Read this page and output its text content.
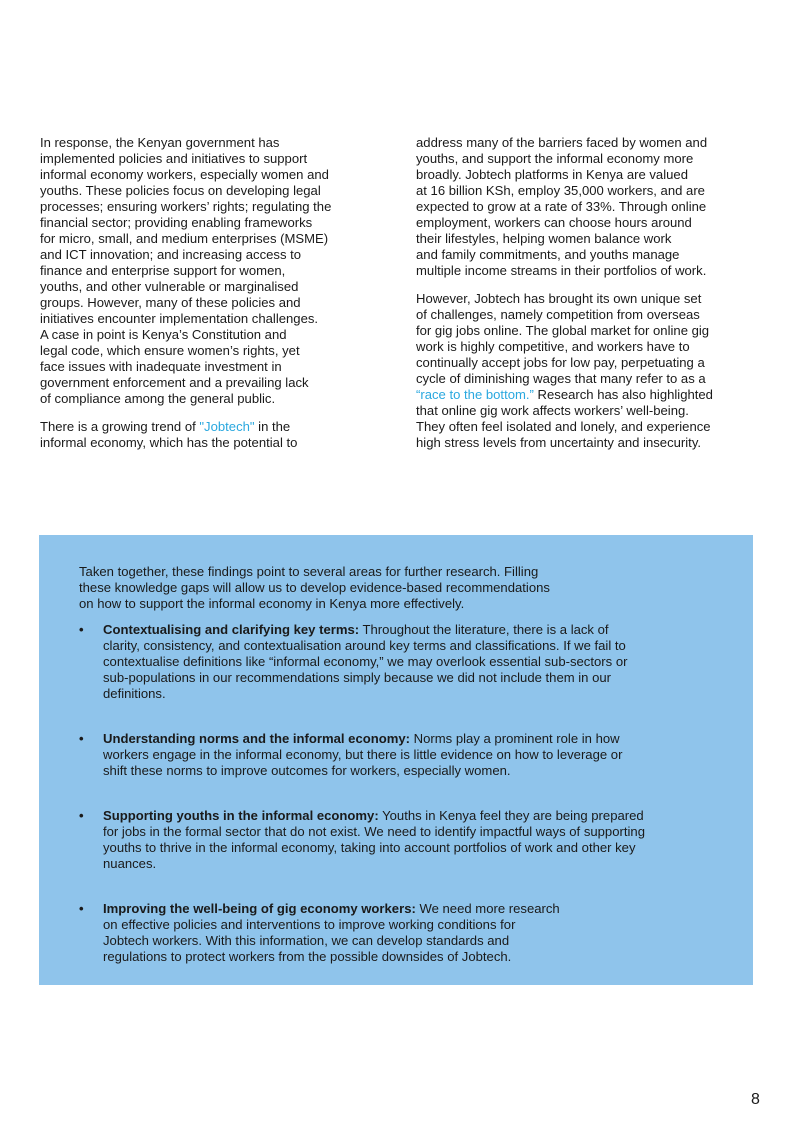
In response, the Kenyan government has
implemented policies and initiatives to support
informal economy workers, especially women and
youths. These policies focus on developing legal
processes; ensuring workers’ rights; regulating the
financial sector; providing enabling frameworks
for micro, small, and medium enterprises (MSME)
and ICT innovation; and increasing access to
finance and enterprise support for women,
youths, and other vulnerable or marginalised
groups. However, many of these policies and
initiatives encounter implementation challenges.
A case in point is Kenya’s Constitution and
legal code, which ensure women’s rights, yet
face issues with inadequate investment in
government enforcement and a prevailing lack
of compliance among the general public.

There is a growing trend of "Jobtech" in the
informal economy, which has the potential to

address many of the barriers faced by women and
youths, and support the informal economy more
broadly. Jobtech platforms in Kenya are valued
at 16 billion KSh, employ 35,000 workers, and are
expected to grow at a rate of 33%. Through online
employment, workers can choose hours around
their lifestyles, helping women balance work
and family commitments, and youths manage
multiple income streams in their portfolios of work.

However, Jobtech has brought its own unique set
of challenges, namely competition from overseas
for gig jobs online. The global market for online gig
work is highly competitive, and workers have to
continually accept jobs for low pay, perpetuating a
cycle of diminishing wages that many refer to as a
“race to the bottom.” Research has also highlighted
that online gig work affects workers’ well-being.
They often feel isolated and lonely, and experience
high stress levels from uncertainty and insecurity.

Taken together, these findings point to several areas for further research. Filling
these knowledge gaps will allow us to develop evidence-based recommendations
on how to support the informal economy in Kenya more effectively.
• Contextualising and clarifying key terms: Throughout the literature, there is a lack of
clarity, consistency, and contextualisation around key terms and classifications. If we fail to
contextualise definitions like “informal economy,” we may overlook essential sub-sectors or
sub-populations in our recommendations simply because we did not include them in our
definitions.
• Understanding norms and the informal economy: Norms play a prominent role in how
workers engage in the informal economy, but there is little evidence on how to leverage or
shift these norms to improve outcomes for workers, especially women.
• Supporting youths in the informal economy: Youths in Kenya feel they are being prepared
for jobs in the formal sector that do not exist. We need to identify impactful ways of supporting
youths to thrive in the informal economy, taking into account portfolios of work and other key
nuances.
• Improving the well-being of gig economy workers: We need more research
on effective policies and interventions to improve working conditions for
Jobtech workers. With this information, we can develop standards and
regulations to protect workers from the possible downsides of Jobtech.
8
